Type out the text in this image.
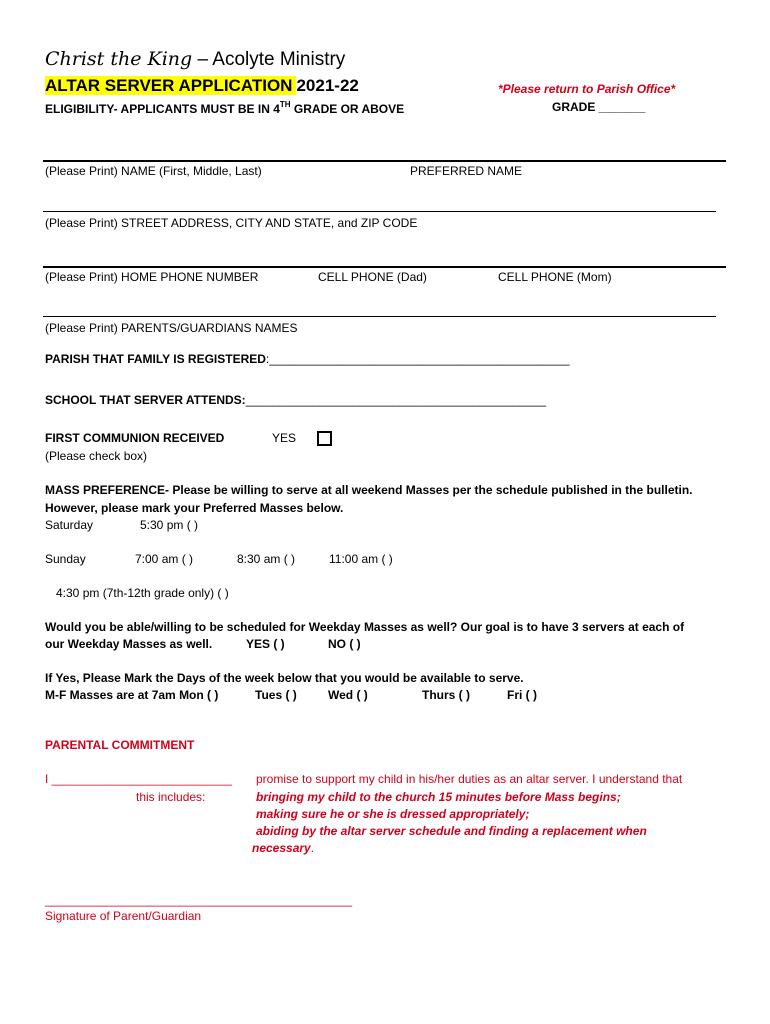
Christ the King – Acolyte Ministry
ALTAR SERVER APPLICATION 2021-22	*Please return to Parish Office*
ELIGIBILITY- APPLICANTS MUST BE IN 4TH GRADE OR ABOVE	GRADE _______
(Please Print) NAME (First, Middle, Last)	PREFERRED NAME
(Please Print) STREET ADDRESS, CITY AND STATE, and ZIP CODE
(Please Print) HOME PHONE NUMBER	CELL PHONE (Dad)	CELL PHONE (Mom)
(Please Print) PARENTS/GUARDIANS NAMES
PARISH THAT FAMILY IS REGISTERED:_____________________________________________
SCHOOL THAT SERVER ATTENDS:_____________________________________________
FIRST COMMUNION RECEIVED	YES
(Please check box)
MASS PREFERENCE- Please be willing to serve at all weekend Masses per the schedule published in the bulletin.
However, please mark your Preferred Masses below.
Saturday	5:30 pm ( )
Sunday	7:00 am ( )	8:30 am ( )	11:00 am ( )
4:30 pm (7th-12th grade only) ( )
Would you be able/willing to be scheduled for Weekday Masses as well? Our goal is to have 3 servers at each of
our Weekday Masses as well.	YES ( )	NO ( )
If Yes, Please Mark the Days of the week below that you would be available to serve.
M-F Masses are at 7am Mon ( )	Tues ( )	Wed ( )	Thurs ( )	Fri ( )
PARENTAL COMMITMENT
I ___________________________ promise to support my child in his/her duties as an altar server. I understand that
this includes:	bringing my child to the church 15 minutes before Mass begins;
making sure he or she is dressed appropriately;
abiding by the altar server schedule and finding a replacement when
necessary.
______________________________________________
Signature of Parent/Guardian
